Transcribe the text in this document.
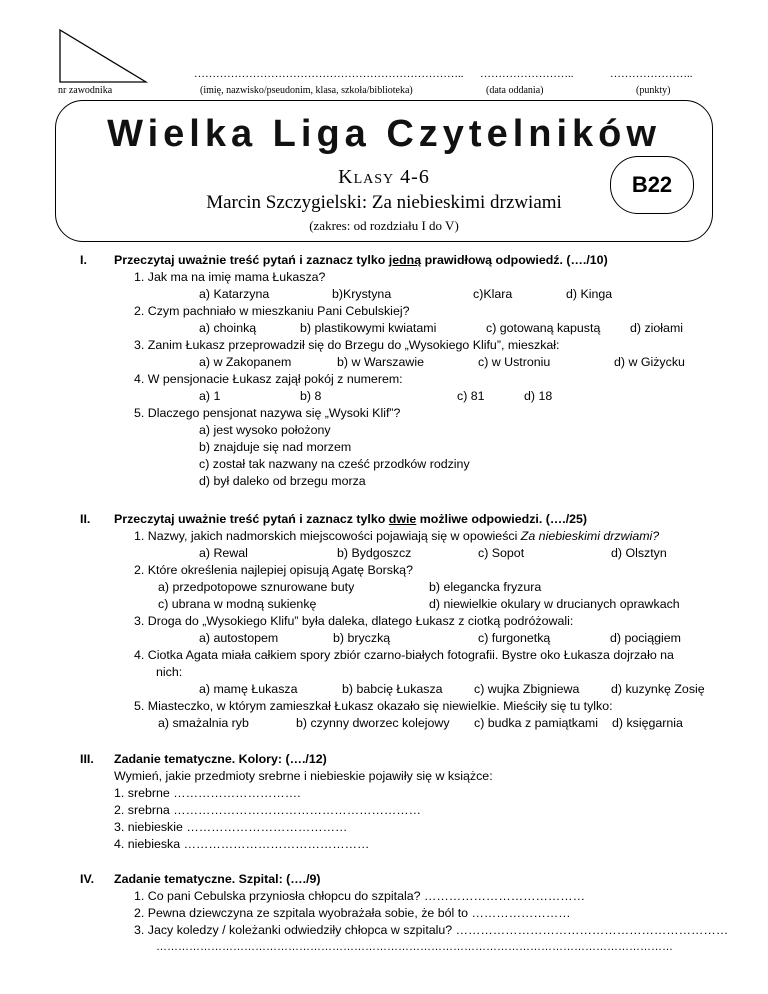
nr zawodnika
………………………………………………………………..
(imię, nazwisko/pseudonim, klasa, szkoła/biblioteka)
……………………..
(data oddania)
…………………..
(punkty)
Wielka Liga Czytelników
Klasy 4-6
Marcin Szczygielski: Za niebieskimi drzwiami
(zakres: od rozdziału I do V)
B22
I. Przeczytaj uważnie treść pytań i zaznacz tylko jedną prawidłową odpowiedź. (…./10)
1. Jak ma na imię mama Łukasza?
a) Katarzyna	b)Krystyna	c)Klara	d) Kinga
2. Czym pachniało w mieszkaniu Pani Cebulskiej?
a) choinką	b) plastikowymi kwiatami	c) gotowaną kapustą d) ziołami
3. Zanim Łukasz przeprowadził się do Brzegu do „Wysokiego Klifu”, mieszkał:
a) w Zakopanem	b) w Warszawie	c) w Ustroniu	d) w Giżycku
4. W pensjonacie Łukasz zajął pokój z numerem:
a) 1	b) 8	c) 81	d) 18
5. Dlaczego pensjonat nazywa się „Wysoki Klif”?
a) jest wysoko położony
b) znajduje się nad morzem
c) został tak nazwany na cześć przodków rodziny
d) był daleko od brzegu morza
II. Przeczytaj uważnie treść pytań i zaznacz tylko dwie możliwe odpowiedzi. (…./25)
1. Nazwy, jakich nadmorskich miejscowości pojawiają się w opowieści Za niebieskimi drzwiami?
a) Rewal	b) Bydgoszcz	c) Sopot	d) Olsztyn
2. Które określenia najlepiej opisują Agatę Borską?
a) przedpotopowe sznurowane buty	b) elegancka fryzura
c) ubrana w modną sukienkę	d) niewielkie okulary w drucianych oprawkach
3. Droga do „Wysokiego Klifu” była daleka, dlatego Łukasz z ciotką podróżowali:
a) autostopem	b) bryczką	c) furgonetką	d) pociągiem
4. Ciotka Agata miała całkiem spory zbiór czarno-białych fotografii. Bystre oko Łukasza dojrzało na
nich:
a) mamę Łukasza	b) babcię Łukasza	c) wujka Zbigniewa	d) kuzynkę Zosię
5. Miasteczko, w którym zamieszkał Łukasz okazało się niewielkie. Mieściły się tu tylko:
a) smażalnia ryb	b) czynny dworzec kolejowy c) budka z pamiątkami d) księgarnia
III. Zadanie tematyczne. Kolory: (…./12)
Wymień, jakie przedmioty srebrne i niebieskie pojawiły się w książce:
1. srebrne ………………………….
2. srebrna ……………………………………………………
3. niebieskie …………………………………
4. niebieska ………………………………………
IV. Zadanie tematyczne. Szpital: (…./9)
1. Co pani Cebulska przyniosła chłopcu do szpitala? …………………………………
2. Pewna dziewczyna ze szpitala wyobrażała sobie, że ból to ……………………
3. Jacy koledzy / koleżanki odwiedziły chłopca w szpitalu? …………………………………………………………
……………………………………………………………………………………………………………………………
